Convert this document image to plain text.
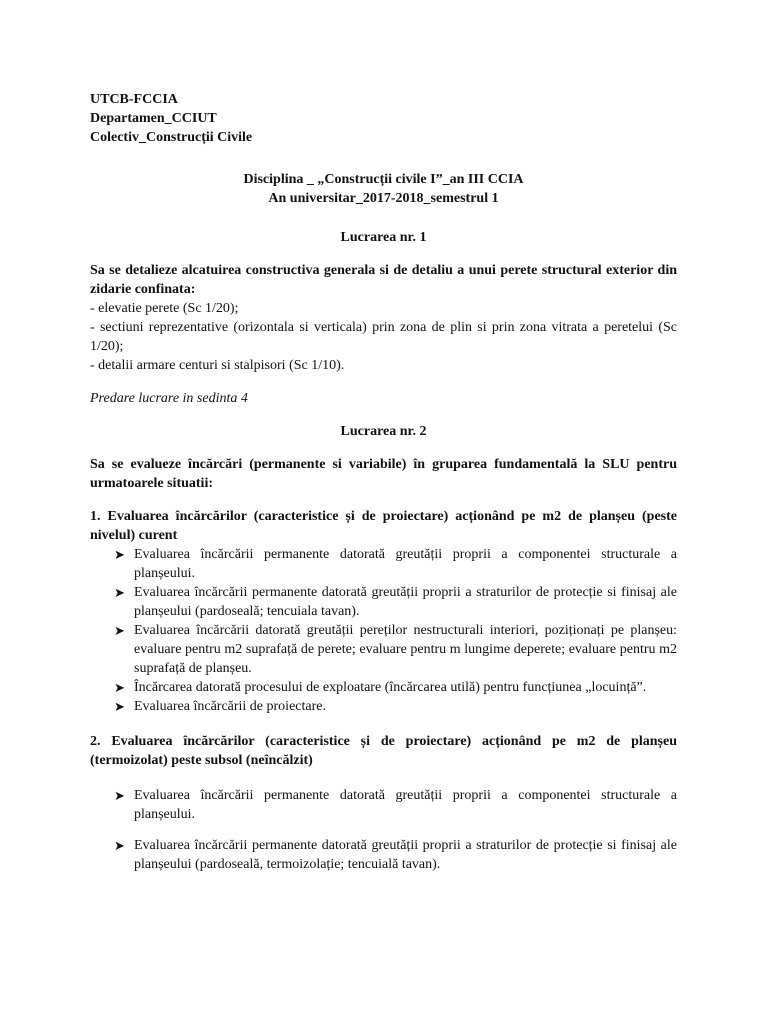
UTCB-FCCIA
Departamen_CCIUT
Colectiv_Construcții Civile
Disciplina _ „Construcții civile I”_an III CCIA
An universitar_2017-2018_semestrul 1
Lucrarea nr. 1

Sa se detalieze alcatuirea constructiva generala si de detaliu a unui perete structural exterior din zidarie confinata:

- elevatie perete (Sc 1/20);
- sectiuni reprezentative (orizontala si verticala) prin zona de plin si prin zona vitrata a peretelui (Sc 1/20);
- detalii armare centuri si stalpisori (Sc 1/10).

Predare lucrare in sedinta 4

Lucrarea nr. 2

Sa se evalueze încărcări (permanente si variabile) în gruparea fundamentală la SLU pentru urmatoarele situatii:

1. Evaluarea încărcărilor (caracteristice și de proiectare) acționând pe m2 de planșeu (peste nivelul) curent

➤ Evaluarea încărcării permanente datorată greutății proprii a componentei structurale a planșeului.
➤ Evaluarea încărcării permanente datorată greutății proprii a straturilor de protecție si finisaj ale planșeului (pardoseală; tencuiala tavan).
➤ Evaluarea încărcării datorată greutății pereților nestructurali interiori, poziționați pe planșeu: evaluare pentru m2 suprafață de perete; evaluare pentru m lungime deperete; evaluare pentru m2 suprafață de planșeu.
➤ Încărcarea datorată procesului de exploatare (încărcarea utilă) pentru funcțiunea „locuință”.
➤ Evaluarea încărcării de proiectare.

2. Evaluarea încărcărilor (caracteristice și de proiectare) acționând pe m2 de planșeu (termoizolat) peste subsol (neîncălzit)

➤ Evaluarea încărcării permanente datorată greutății proprii a componentei structurale a planșeului.
➤ Evaluarea încărcării permanente datorată greutății proprii a straturilor de protecție si finisaj ale planșeului (pardoseală, termoizolație; tencuială tavan).
